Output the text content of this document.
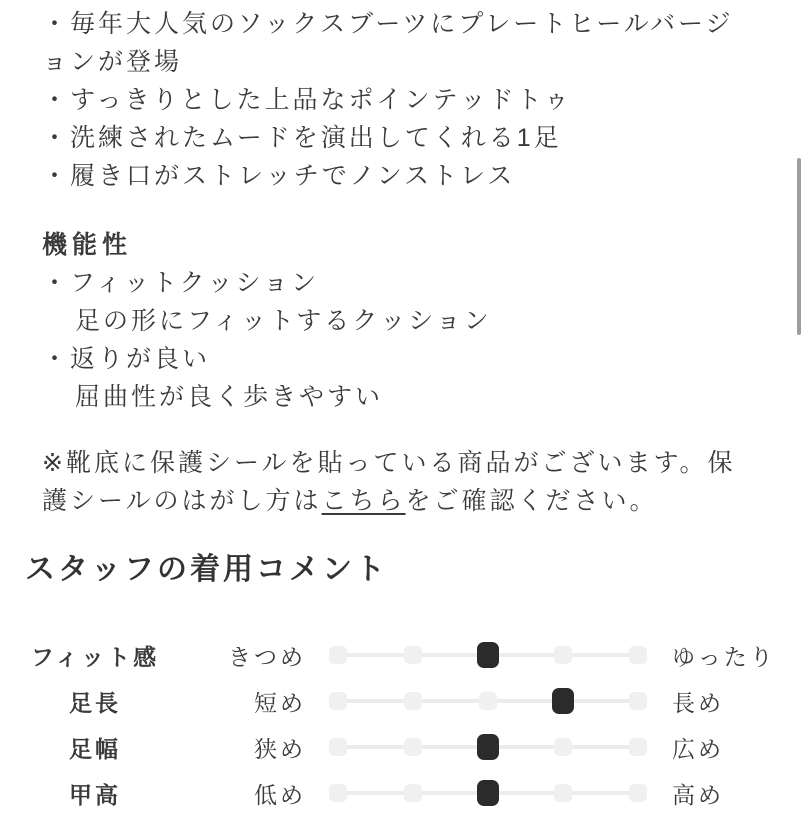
・毎年大人気のソックスブーツにプレートヒールバージ
ョンが登場
・すっきりとした上品なポインテッドトゥ
・洗練されたムードを演出してくれる1足
・履き口がストレッチでノンストレス
機能性
・フィットクッション
足の形にフィットするクッション
・返りが良い
屈曲性が良く歩きやすい
※靴底に保護シールを貼っている商品がございます。保
護シールのはがし方はこちらをご確認ください。
スタッフの着用コメント
フィット感	きつめ	ゆったり
足長	短め	長め
足幅	狭め	広め
甲高	低め	高め
